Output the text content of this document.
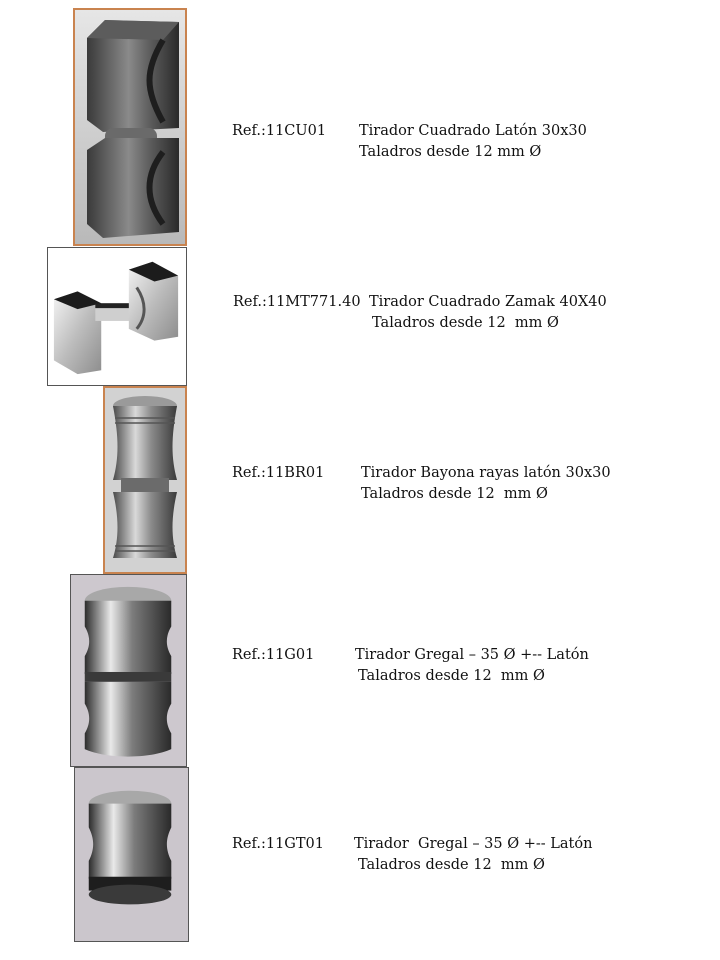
Ref.:11CU01

Tirador Cuadrado Latón 30x30

Taladros desde 12 mm Ø

Ref.:11MT771.40

Tirador Cuadrado Zamak 40X40

Taladros desde 12  mm Ø

Ref.:11BR01

	Tirador Bayona rayas latón 30x30

Taladros desde 12  mm Ø

Ref.:11G01

	Tirador Gregal – 35 Ø +-- Latón

Taladros desde 12  mm Ø

Ref.:11GT01

Tirador  Gregal – 35 Ø +-- Latón

Taladros desde 12  mm Ø
